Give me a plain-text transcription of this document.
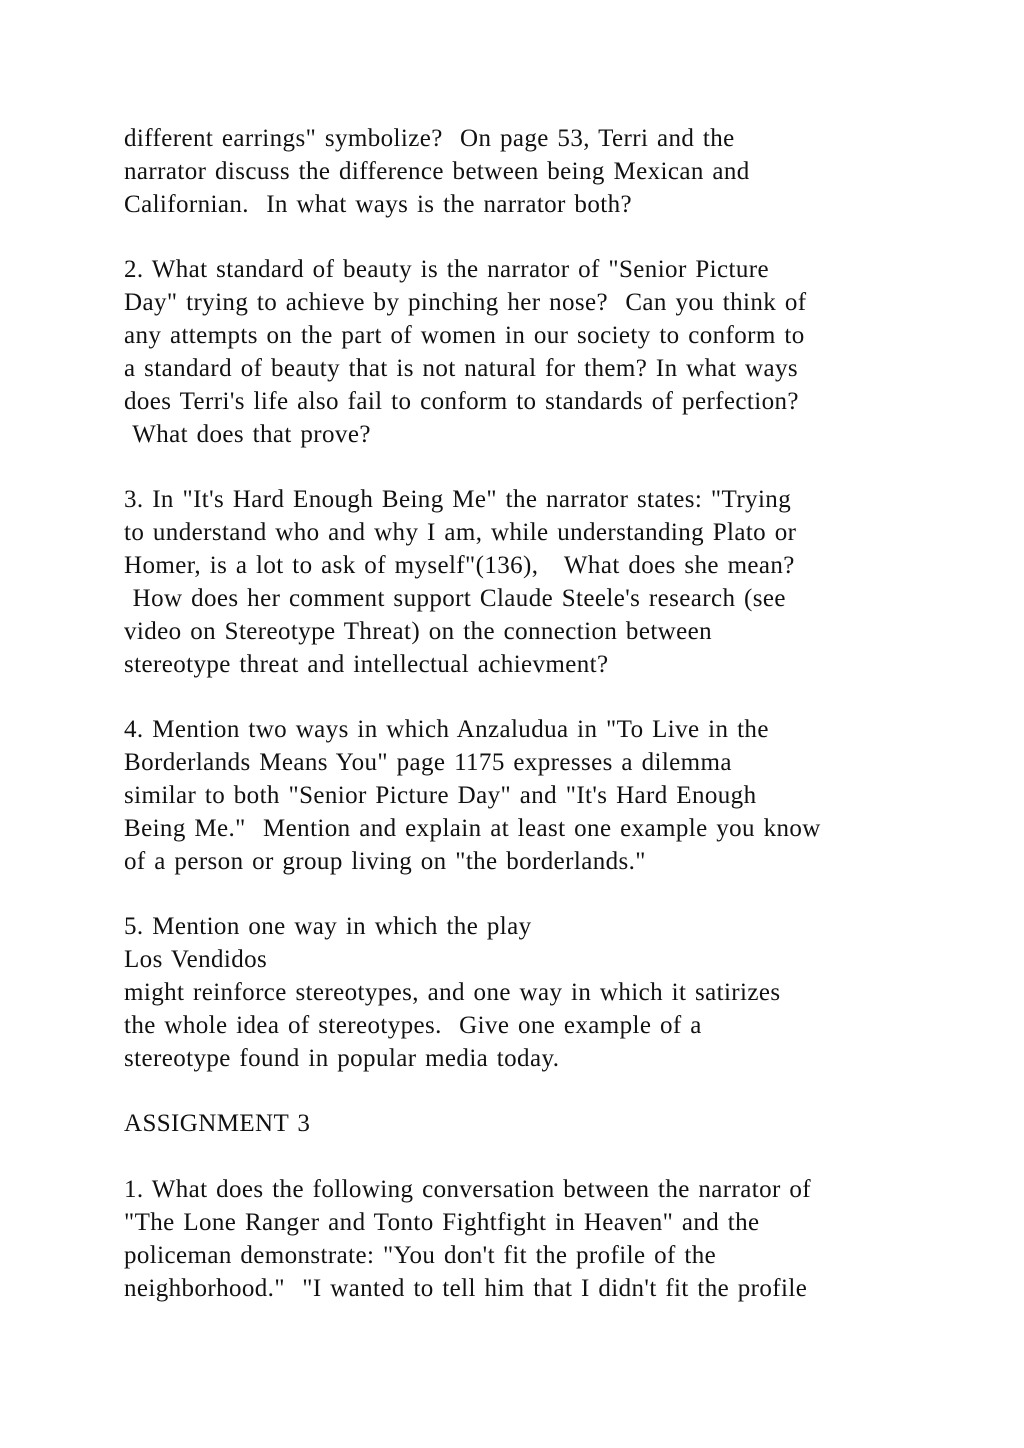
different earrings" symbolize?  On page 53, Terri and the
narrator discuss the difference between being Mexican and
Californian.  In what ways is the narrator both?
2. What standard of beauty is the narrator of "Senior Picture
Day" trying to achieve by pinching her nose?  Can you think of
any attempts on the part of women in our society to conform to
a standard of beauty that is not natural for them? In what ways
does Terri's life also fail to conform to standards of perfection?
What does that prove?
3. In "It's Hard Enough Being Me" the narrator states: "Trying
to understand who and why I am, while understanding Plato or
Homer, is a lot to ask of myself"(136),   What does she mean?
How does her comment support Claude Steele's research (see
video on Stereotype Threat) on the connection between
stereotype threat and intellectual achievment?
4. Mention two ways in which Anzaludua in "To Live in the
Borderlands Means You" page 1175 expresses a dilemma
similar to both "Senior Picture Day" and "It's Hard Enough
Being Me."  Mention and explain at least one example you know
of a person or group living on "the borderlands."
5. Mention one way in which the play
Los Vendidos
might reinforce stereotypes, and one way in which it satirizes
the whole idea of stereotypes.  Give one example of a
stereotype found in popular media today.
ASSIGNMENT 3
1. What does the following conversation between the narrator of
"The Lone Ranger and Tonto Fightfight in Heaven" and the
policeman demonstrate: "You don't fit the profile of the
neighborhood."  "I wanted to tell him that I didn't fit the profile
